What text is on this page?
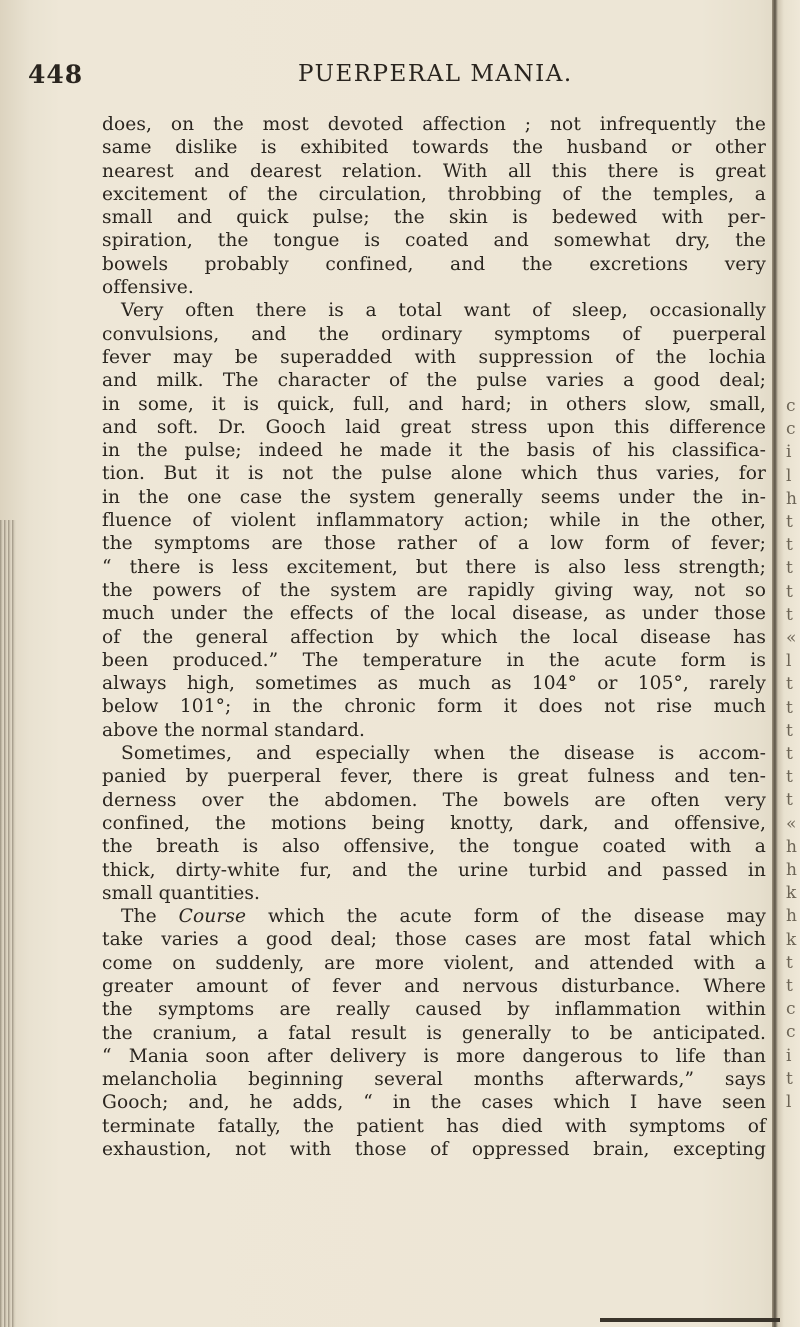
c
c
i
l
h
t
t
t
t
t
«
l
t
t
t
t
t
t
«
h
h
k
h
k
t
t
c
c
i
t
l
448	PUERPERAL MANIA.
does, on the most devoted affection ; not infrequently the
same dislike is exhibited towards the husband or other
nearest and dearest relation. With all this there is great
excitement of the circulation, throbbing of the temples, a
small and quick pulse; the skin is bedewed with per-
spiration, the tongue is coated and somewhat dry, the
bowels probably confined, and the excretions very
offensive.
Very often there is a total want of sleep, occasionally
convulsions, and the ordinary symptoms of puerperal
fever may be superadded with suppression of the lochia
and milk. The character of the pulse varies a good deal;
in some, it is quick, full, and hard; in others slow, small,
and soft. Dr. Gooch laid great stress upon this difference
in the pulse; indeed he made it the basis of his classifica-
tion. But it is not the pulse alone which thus varies, for
in the one case the system generally seems under the in-
fluence of violent inflammatory action; while in the other,
the symptoms are those rather of a low form of fever;
“ there is less excitement, but there is also less strength;
the powers of the system are rapidly giving way, not so
much under the effects of the local disease, as under those
of the general affection by which the local disease has
been produced.” The temperature in the acute form is
always high, sometimes as much as 104° or 105°, rarely
below 101°; in the chronic form it does not rise much
above the normal standard.
Sometimes, and especially when the disease is accom-
panied by puerperal fever, there is great fulness and ten-
derness over the abdomen. The bowels are often very
confined, the motions being knotty, dark, and offensive,
the breath is also offensive, the tongue coated with a
thick, dirty-white fur, and the urine turbid and passed in
small quantities.
The Course which the acute form of the disease may
take varies a good deal; those cases are most fatal which
come on suddenly, are more violent, and attended with a
greater amount of fever and nervous disturbance. Where
the symptoms are really caused by inflammation within
the cranium, a fatal result is generally to be anticipated.
“ Mania soon after delivery is more dangerous to life than
melancholia beginning several months afterwards,” says
Gooch; and, he adds, “ in the cases which I have seen
terminate fatally, the patient has died with symptoms of
exhaustion, not with those of oppressed brain, excepting
